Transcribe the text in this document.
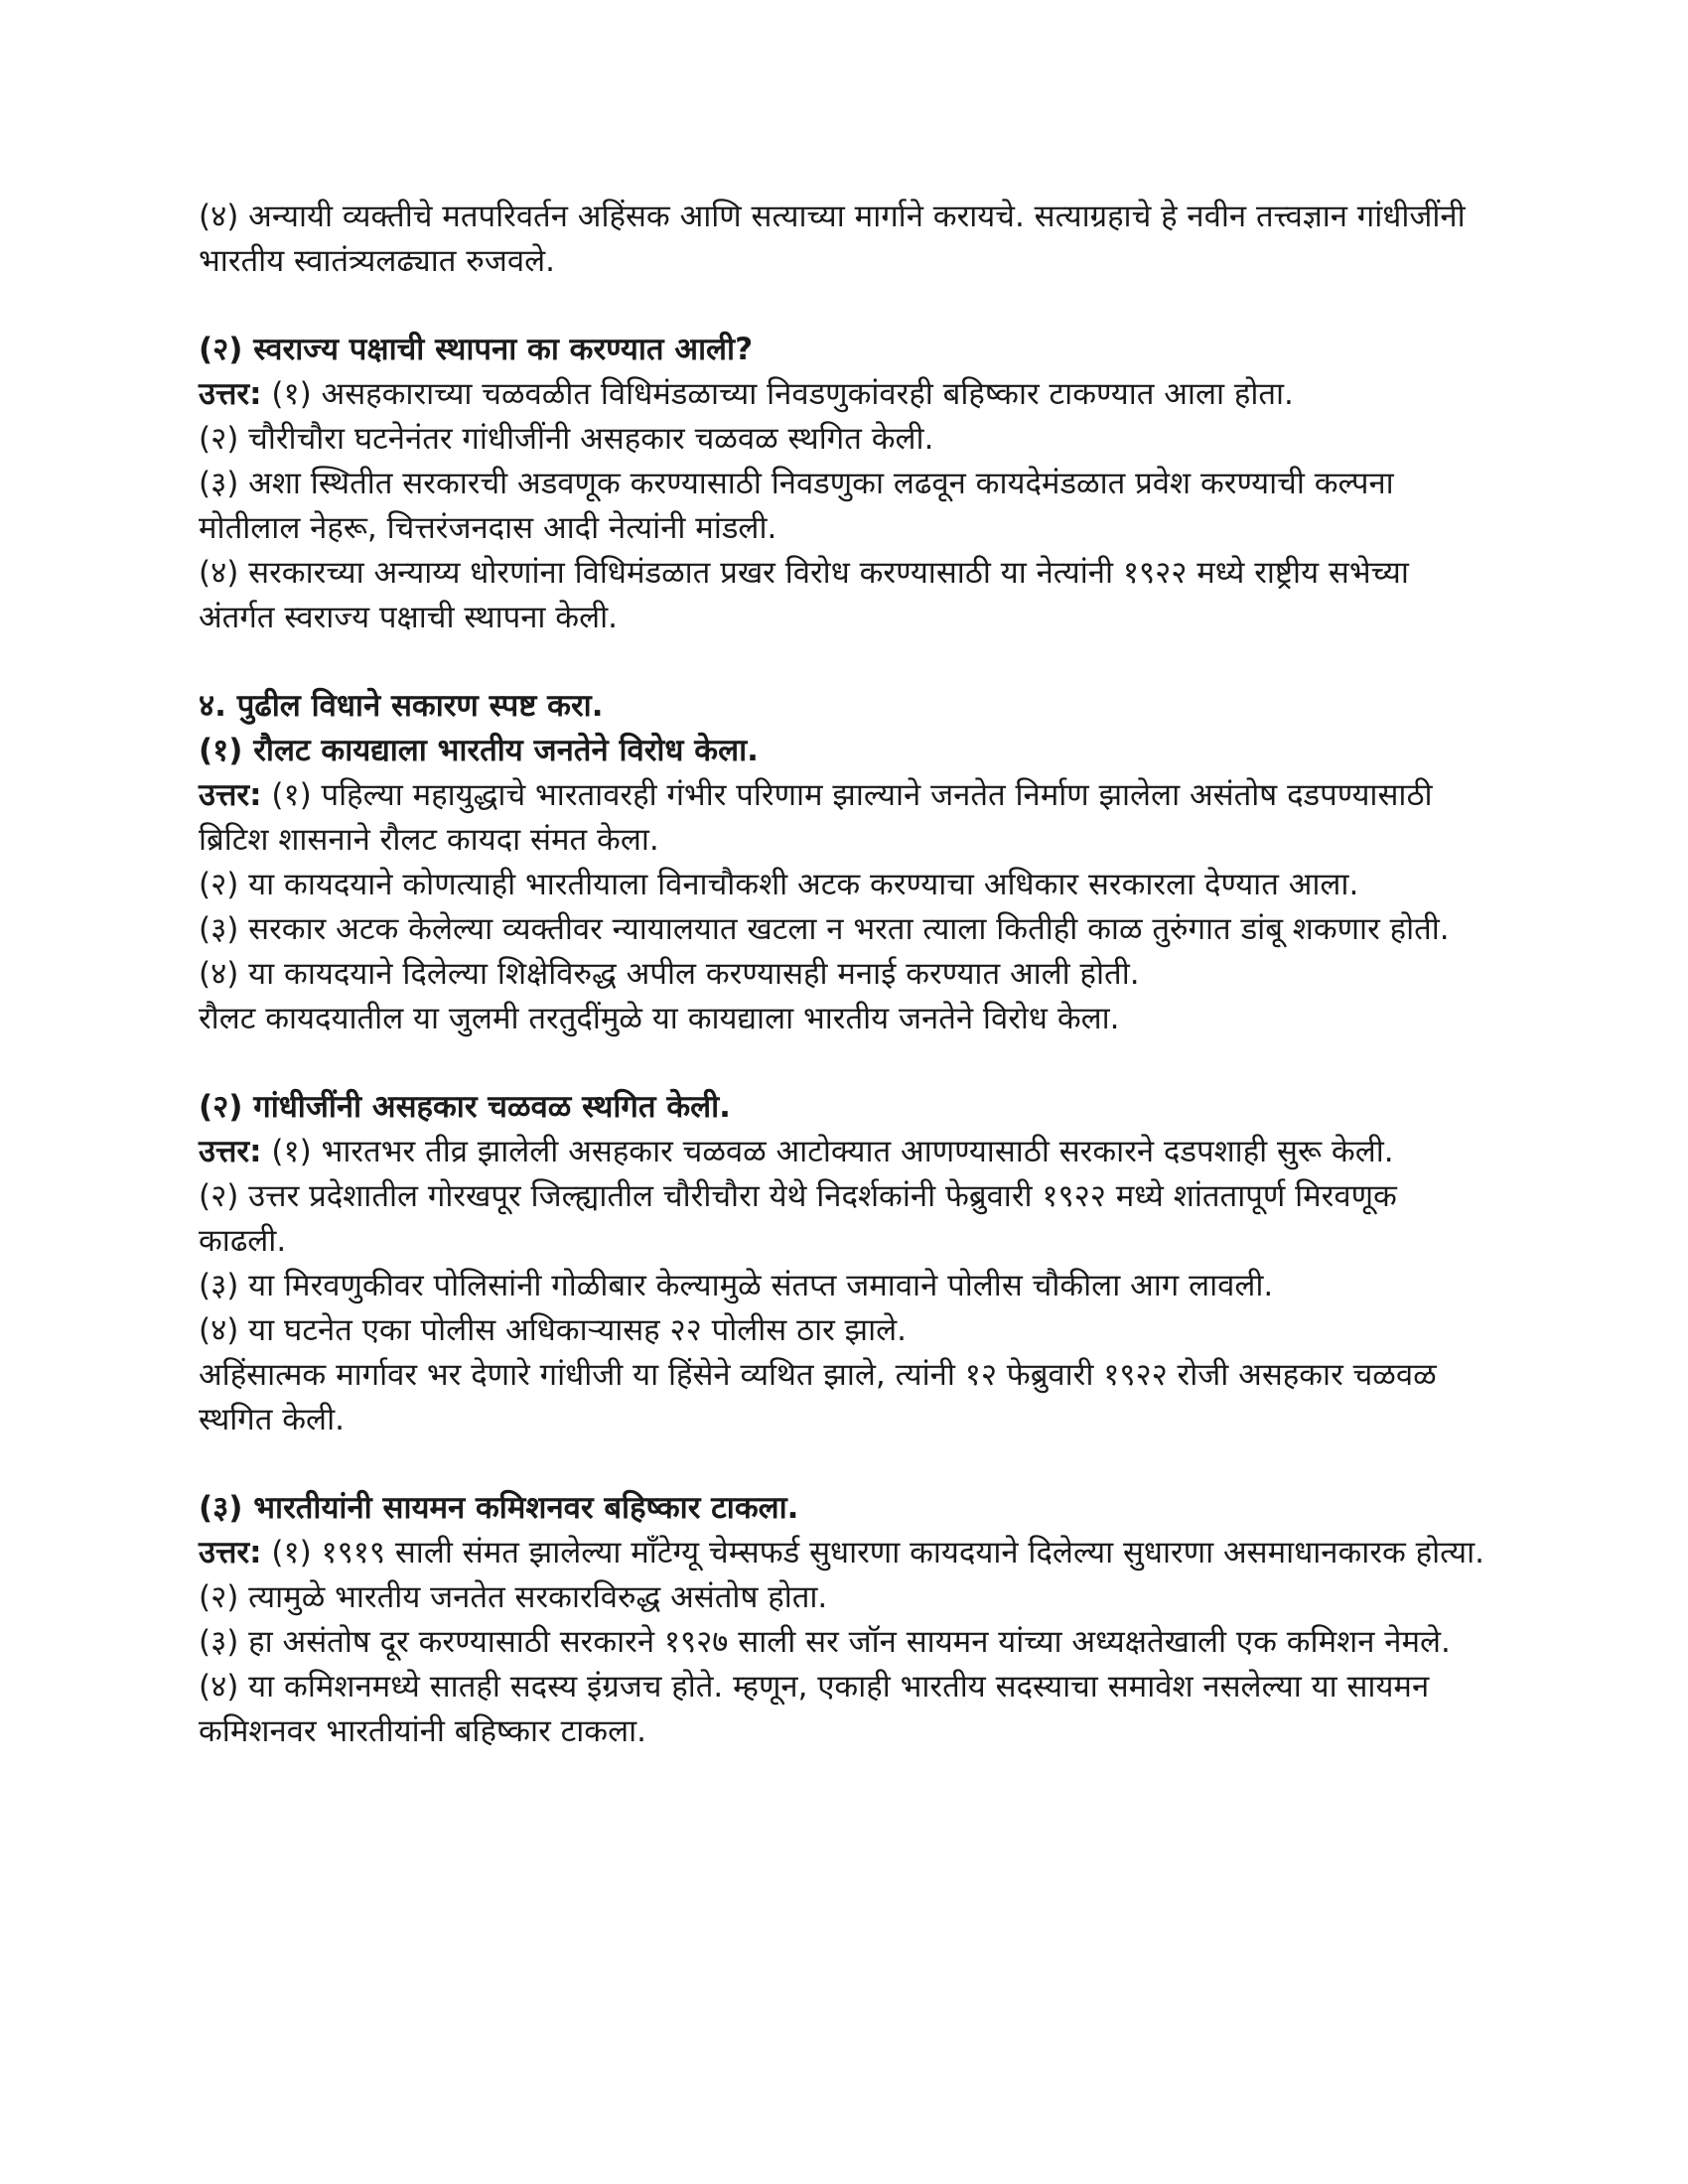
(४) अन्यायी व्यक्तीचे मतपरिवर्तन अहिंसक आणि सत्याच्या मार्गाने करायचे. सत्याग्रहाचे हे नवीन तत्त्वज्ञान गांधीजींनी भारतीय स्वातंत्र्यलढ्यात रुजवले.

(२) स्वराज्य पक्षाची स्थापना का करण्यात आली?

उत्तर: (१) असहकाराच्या चळवळीत विधिमंडळाच्या निवडणुकांवरही बहिष्कार टाकण्यात आला होता.

(२) चौरीचौरा घटनेनंतर गांधीजींनी असहकार चळवळ स्थगित केली.

(३) अशा स्थितीत सरकारची अडवणूक करण्यासाठी निवडणुका लढवून कायदेमंडळात प्रवेश करण्याची कल्पना मोतीलाल नेहरू, चित्तरंजनदास आदी नेत्यांनी मांडली.

(४) सरकारच्या अन्याय्य धोरणांना विधिमंडळात प्रखर विरोध करण्यासाठी या नेत्यांनी १९२२ मध्ये राष्ट्रीय सभेच्या अंतर्गत स्वराज्य पक्षाची स्थापना केली.

४. पुढील विधाने सकारण स्पष्ट करा.

(१) रौलट कायद्याला भारतीय जनतेने विरोध केला.

उत्तर: (१) पहिल्या महायुद्धाचे भारतावरही गंभीर परिणाम झाल्याने जनतेत निर्माण झालेला असंतोष दडपण्यासाठी ब्रिटिश शासनाने रौलट कायदा संमत केला.

(२) या कायदयाने कोणत्याही भारतीयाला विनाचौकशी अटक करण्याचा अधिकार सरकारला देण्यात आला.

(३) सरकार अटक केलेल्या व्यक्तीवर न्यायालयात खटला न भरता त्याला कितीही काळ तुरुंगात डांबू शकणार होती.

(४) या कायदयाने दिलेल्या शिक्षेविरुद्ध अपील करण्यासही मनाई करण्यात आली होती.

रौलट कायदयातील या जुलमी तरतुदींमुळे या कायद्याला भारतीय जनतेने विरोध केला.

(२) गांधीजींनी असहकार चळवळ स्थगित केली.

उत्तर: (१) भारतभर तीव्र झालेली असहकार चळवळ आटोक्यात आणण्यासाठी सरकारने दडपशाही सुरू केली.

(२) उत्तर प्रदेशातील गोरखपूर जिल्ह्यातील चौरीचौरा येथे निदर्शकांनी फेब्रुवारी १९२२ मध्ये शांततापूर्ण मिरवणूक काढली.

(३) या मिरवणुकीवर पोलिसांनी गोळीबार केल्यामुळे संतप्त जमावाने पोलीस चौकीला आग लावली.

(४) या घटनेत एका पोलीस अधिकाऱ्यासह २२ पोलीस ठार झाले.

अहिंसात्मक मार्गावर भर देणारे गांधीजी या हिंसेने व्यथित झाले, त्यांनी १२ फेब्रुवारी १९२२ रोजी असहकार चळवळ स्थगित केली.

(३) भारतीयांनी सायमन कमिशनवर बहिष्कार टाकला.

उत्तर: (१) १९१९ साली संमत झालेल्या मॉंटेग्यू चेम्सफर्ड सुधारणा कायदयाने दिलेल्या सुधारणा असमाधानकारक होत्या.

(२) त्यामुळे भारतीय जनतेत सरकारविरुद्ध असंतोष होता.

(३) हा असंतोष दूर करण्यासाठी सरकारने १९२७ साली सर जॉन सायमन यांच्या अध्यक्षतेखाली एक कमिशन नेमले.

(४) या कमिशनमध्ये सातही सदस्य इंग्रजच होते. म्हणून, एकाही भारतीय सदस्याचा समावेश नसलेल्या या सायमन कमिशनवर भारतीयांनी बहिष्कार टाकला.
